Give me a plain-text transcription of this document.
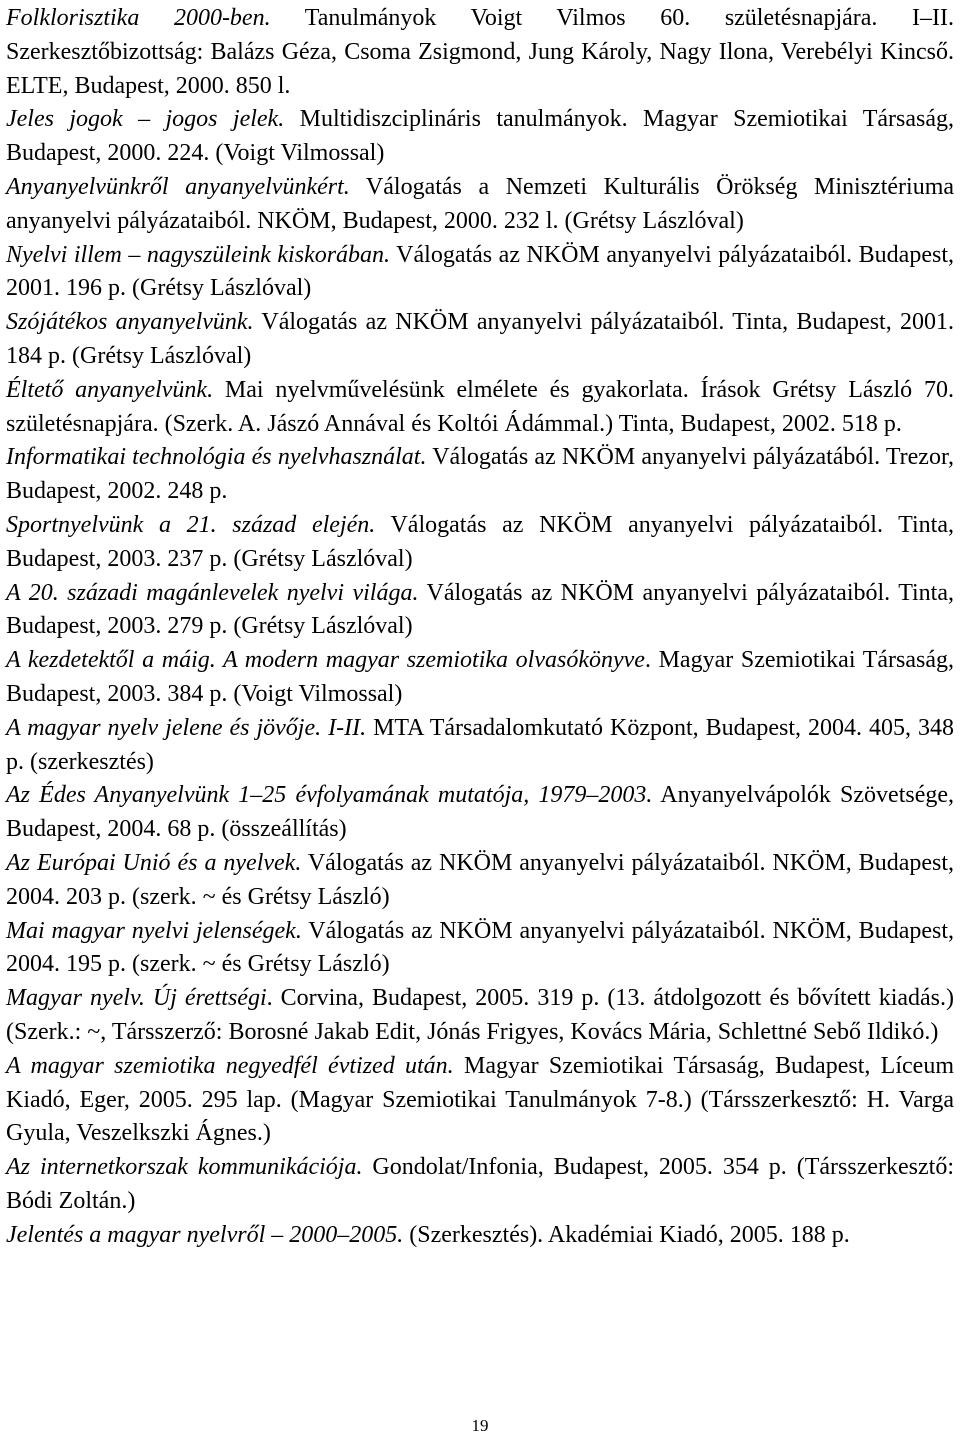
Folklorisztika 2000-ben. Tanulmányok Voigt Vilmos 60. születésnapjára. I–II. Szerkesztőbizottság: Balázs Géza, Csoma Zsigmond, Jung Károly, Nagy Ilona, Verebélyi Kincső. ELTE, Budapest, 2000. 850 l.

Jeles jogok – jogos jelek. Multidiszciplináris tanulmányok. Magyar Szemiotikai Társaság, Budapest, 2000. 224. (Voigt Vilmossal)

Anyanyelvünkről anyanyelvünkért. Válogatás a Nemzeti Kulturális Örökség Minisztériuma anyanyelvi pályázataiból. NKÖM, Budapest, 2000. 232 l. (Grétsy Lászlóval)

Nyelvi illem – nagyszüleink kiskorában. Válogatás az NKÖM anyanyelvi pályázataiból. Budapest, 2001. 196 p. (Grétsy Lászlóval)

Szójátékos anyanyelvünk. Válogatás az NKÖM anyanyelvi pályázataiból. Tinta, Budapest, 2001. 184 p. (Grétsy Lászlóval)

Éltető anyanyelvünk. Mai nyelvművelésünk elmélete és gyakorlata. Írások Grétsy László 70. születésnapjára. (Szerk. A. Jászó Annával és Koltói Ádámmal.) Tinta, Budapest, 2002. 518 p.

Informatikai technológia és nyelvhasználat. Válogatás az NKÖM anyanyelvi pályázatából. Trezor, Budapest, 2002. 248 p.

Sportnyelvünk a 21. század elején. Válogatás az NKÖM anyanyelvi pályázataiból. Tinta, Budapest, 2003. 237 p. (Grétsy Lászlóval)

A 20. századi magánlevelek nyelvi világa. Válogatás az NKÖM anyanyelvi pályázataiból. Tinta, Budapest, 2003. 279 p. (Grétsy Lászlóval)

A kezdetektől a máig. A modern magyar szemiotika olvasókönyve. Magyar Szemiotikai Társaság, Budapest, 2003. 384 p. (Voigt Vilmossal)

A magyar nyelv jelene és jövője. I-II. MTA Társadalomkutató Központ, Budapest, 2004. 405, 348 p. (szerkesztés)

Az Édes Anyanyelvünk 1–25 évfolyamának mutatója, 1979–2003. Anyanyelvápolók Szövetsége, Budapest, 2004. 68 p. (összeállítás)

Az Európai Unió és a nyelvek. Válogatás az NKÖM anyanyelvi pályázataiból. NKÖM, Budapest, 2004. 203 p. (szerk. ~ és Grétsy László)

Mai magyar nyelvi jelenségek. Válogatás az NKÖM anyanyelvi pályázataiból. NKÖM, Budapest, 2004. 195 p. (szerk. ~ és Grétsy László)

Magyar nyelv. Új érettségi. Corvina, Budapest, 2005. 319 p. (13. átdolgozott és bővített kiadás.) (Szerk.: ~, Társszerző: Borosné Jakab Edit, Jónás Frigyes, Kovács Mária, Schlettné Sebő Ildikó.)

A magyar szemiotika negyedfél évtized után. Magyar Szemiotikai Társaság, Budapest, Líceum Kiadó, Eger, 2005. 295 lap. (Magyar Szemiotikai Tanulmányok 7-8.) (Társszerkesztő: H. Varga Gyula, Veszelkszki Ágnes.)

Az internetkorszak kommunikációja. Gondolat/Infonia, Budapest, 2005. 354 p. (Társszerkesztő: Bódi Zoltán.)

Jelentés a magyar nyelvről – 2000–2005. (Szerkesztés). Akadémiai Kiadó, 2005. 188 p.

19
